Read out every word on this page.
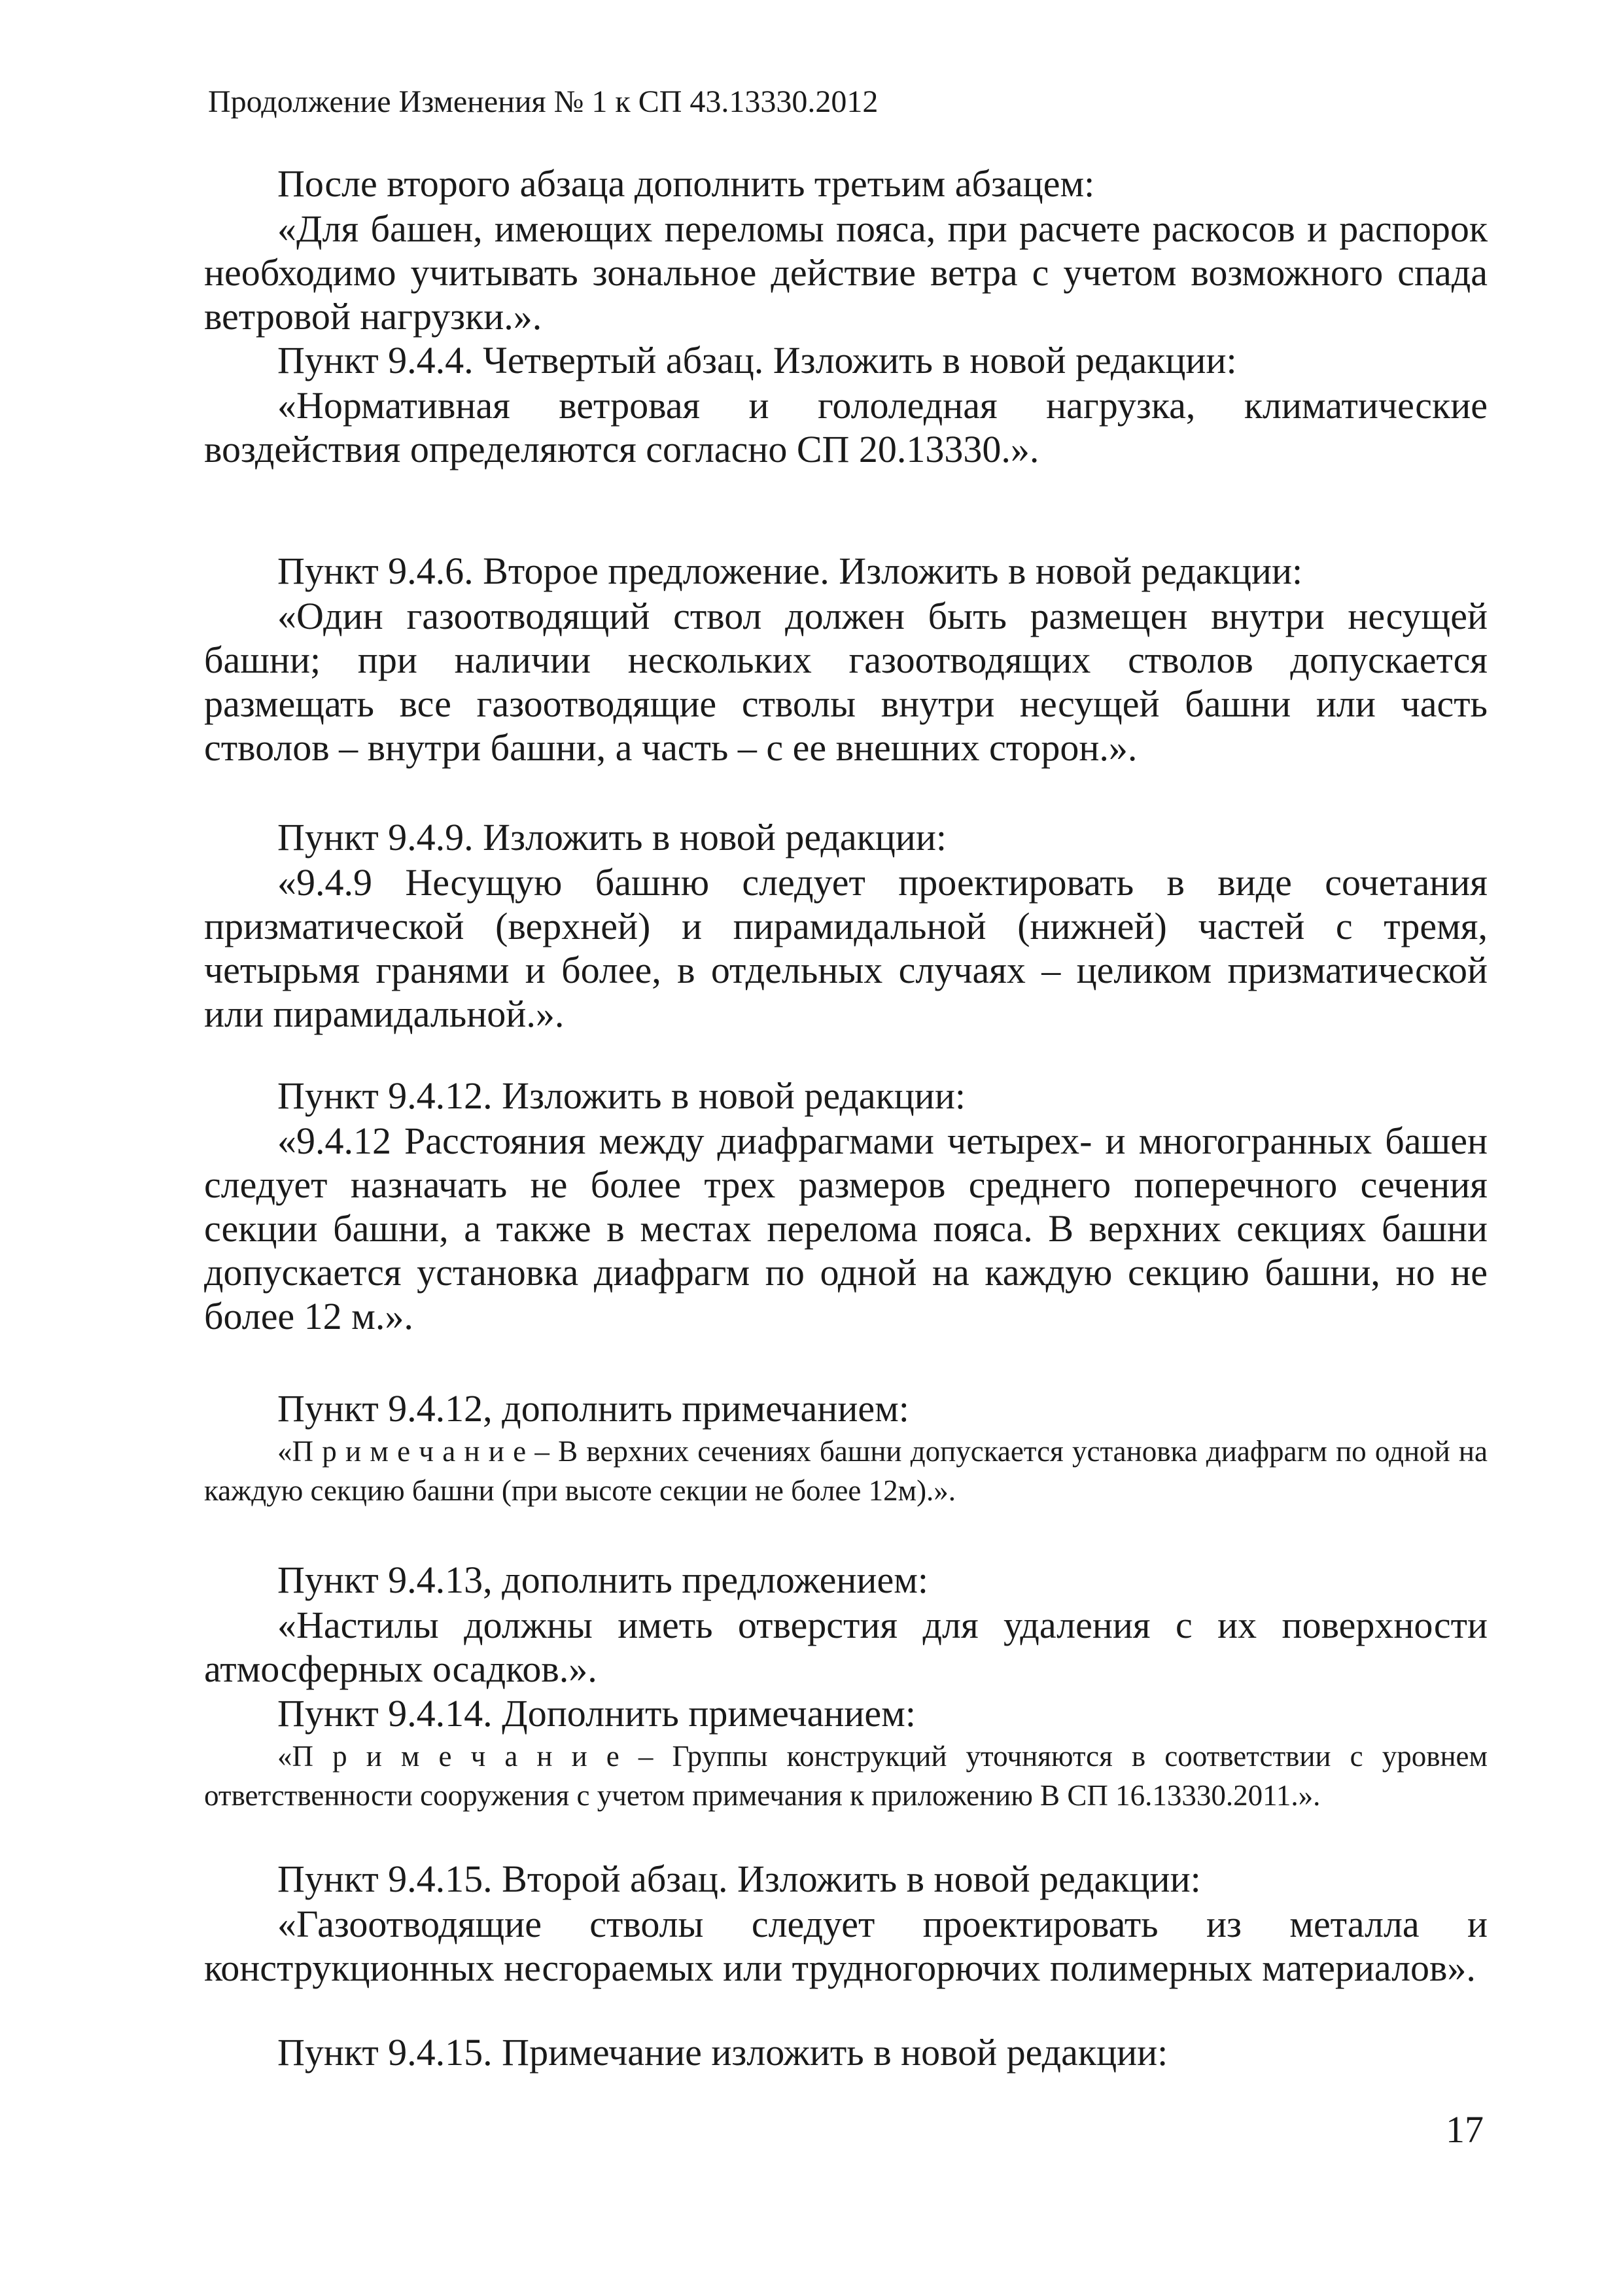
Продолжение Изменения № 1 к СП 43.13330.2012

После второго абзаца дополнить третьим абзацем:

«Для башен, имеющих переломы пояса, при расчете раскосов и распорок необходимо учитывать зональное действие ветра с учетом возможного спада ветровой нагрузки.».

Пункт 9.4.4. Четвертый абзац. Изложить в новой редакции:

«Нормативная ветровая и гололедная нагрузка, климатические воздействия определяются согласно СП 20.13330.».

Пункт 9.4.6. Второе предложение. Изложить в новой редакции:

«Один газоотводящий ствол должен быть размещен внутри несущей башни; при наличии нескольких газоотводящих стволов допускается размещать все газоотводящие стволы внутри несущей башни или часть стволов – внутри башни, а часть – с ее внешних сторон.».

Пункт 9.4.9. Изложить в новой редакции:

«9.4.9 Несущую башню следует проектировать в виде сочетания призматической (верхней) и пирамидальной (нижней) частей с тремя, четырьмя гранями и более, в отдельных случаях – целиком призматической или пирамидальной.».

Пункт 9.4.12. Изложить в новой редакции:

«9.4.12 Расстояния между диафрагмами четырех- и многогранных башен следует назначать не более трех размеров среднего поперечного сечения секции башни, а также в местах перелома пояса. В верхних секциях башни допускается установка диафрагм по одной на каждую секцию башни, но не более 12 м.».

Пункт 9.4.12, дополнить примечанием:

«П р и м е ч а н и е – В верхних сечениях башни допускается установка диафрагм по одной на каждую секцию башни (при высоте секции не более 12м).».

Пункт 9.4.13, дополнить предложением:

«Настилы должны иметь отверстия для удаления с их поверхности атмосферных осадков.».

Пункт 9.4.14. Дополнить примечанием:

«П р и м е ч а н и е – Группы конструкций уточняются в соответствии с уровнем ответственности сооружения с учетом примечания к приложению В СП 16.13330.2011.».

Пункт 9.4.15. Второй абзац. Изложить в новой редакции:

«Газоотводящие стволы следует проектировать из металла и конструкционных несгораемых или трудногорючих полимерных материалов».

Пункт 9.4.15. Примечание изложить в новой редакции:

17
